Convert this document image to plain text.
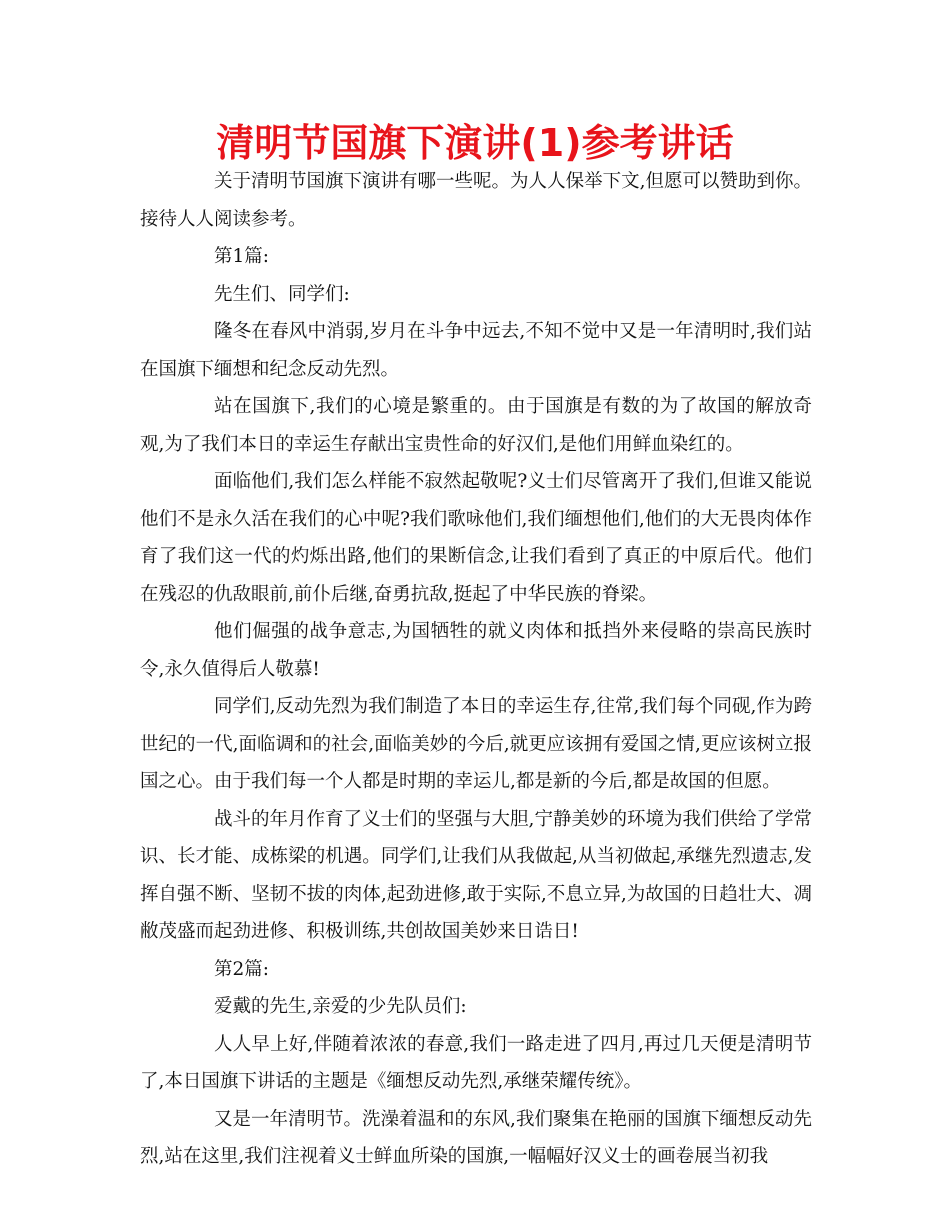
清明节国旗下演讲(1)参考讲话

关于清明节国旗下演讲有哪一些呢。为人人保举下文,但愿可以赞助到你。接待人人阅读参考。

第1篇:

先生们、同学们:

隆冬在春风中消弱,岁月在斗争中远去,不知不觉中又是一年清明时,我们站在国旗下缅想和纪念反动先烈。

站在国旗下,我们的心境是繁重的。由于国旗是有数的为了故国的解放奇观,为了我们本日的幸运生存献出宝贵性命的好汉们,是他们用鲜血染红的。

面临他们,我们怎么样能不寂然起敬呢?义士们尽管离开了我们,但谁又能说他们不是永久活在我们的心中呢?我们歌咏他们,我们缅想他们,他们的大无畏肉体作育了我们这一代的灼烁出路,他们的果断信念,让我们看到了真正的中原后代。他们在残忍的仇敌眼前,前仆后继,奋勇抗敌,挺起了中华民族的脊梁。

他们倔强的战争意志,为国牺牲的就义肉体和抵挡外来侵略的崇高民族时令,永久值得后人敬慕!

同学们,反动先烈为我们制造了本日的幸运生存,往常,我们每个同砚,作为跨世纪的一代,面临调和的社会,面临美妙的今后,就更应该拥有爱国之情,更应该树立报国之心。由于我们每一个人都是时期的幸运儿,都是新的今后,都是故国的但愿。

战斗的年月作育了义士们的坚强与大胆,宁静美妙的环境为我们供给了学常识、长才能、成栋梁的机遇。同学们,让我们从我做起,从当初做起,承继先烈遗志,发挥自强不断、坚韧不拔的肉体,起劲进修,敢于实际,不息立异,为故国的日趋壮大、凋敝茂盛而起劲进修、积极训练,共创故国美妙来日诰日!

第2篇:

爱戴的先生,亲爱的少先队员们:

人人早上好,伴随着浓浓的春意,我们一路走进了四月,再过几天便是清明节了,本日国旗下讲话的主题是《缅想反动先烈,承继荣耀传统》。

又是一年清明节。洗澡着温和的东风,我们聚集在艳丽的国旗下缅想反动先烈,站在这里,我们注视着义士鲜血所染的国旗,一幅幅好汉义士的画卷展当初我
